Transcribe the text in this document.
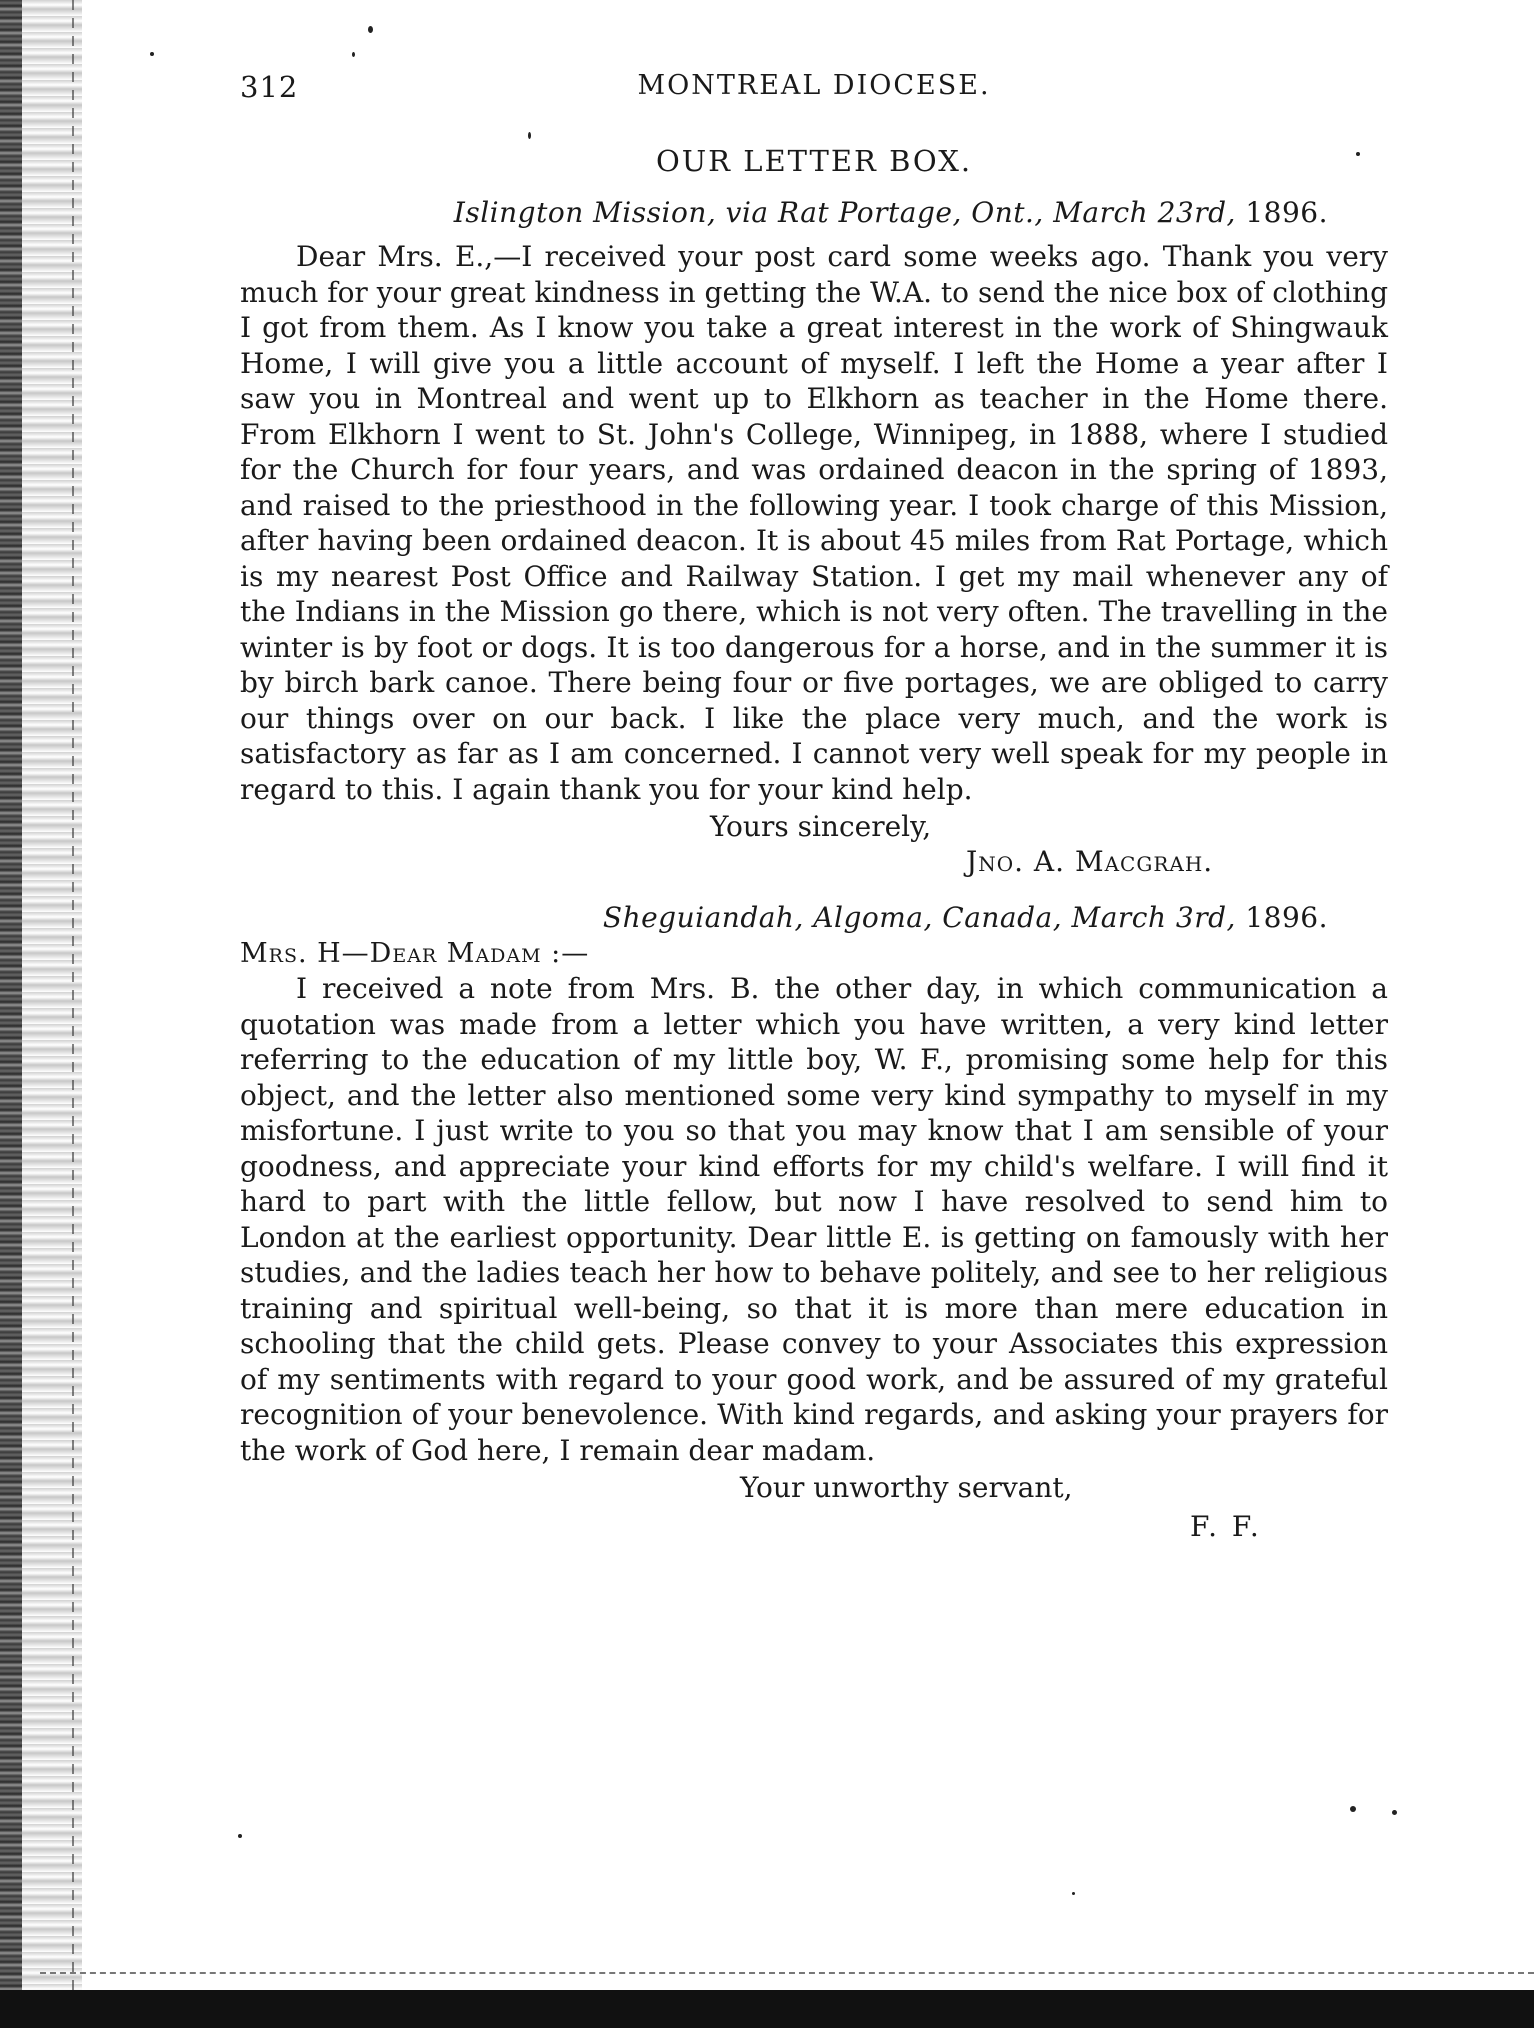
312	MONTREAL DIOCESE.
OUR LETTER BOX.
Islington Mission, via Rat Portage, Ont., March 23rd, 1896.

Dear Mrs. E.,—I received your post card some weeks ago. Thank you very much for your great kindness in getting the W.A. to send the nice box of clothing I got from them. As I know you take a great interest in the work of Shingwauk Home, I will give you a little account of myself. I left the Home a year after I saw you in Montreal and went up to Elkhorn as teacher in the Home there. From Elkhorn I went to St. John's College, Winnipeg, in 1888, where I studied for the Church for four years, and was ordained deacon in the spring of 1893, and raised to the priesthood in the following year. I took charge of this Mission, after having been ordained deacon. It is about 45 miles from Rat Portage, which is my nearest Post Office and Railway Station. I get my mail whenever any of the Indians in the Mission go there, which is not very often. The travelling in the winter is by foot or dogs. It is too dangerous for a horse, and in the summer it is by birch bark canoe. There being four or five portages, we are obliged to carry our things over on our back. I like the place very much, and the work is satisfactory as far as I am concerned. I cannot very well speak for my people in regard to this. I again thank you for your kind help.

Yours sincerely,
Jno. A. Macgrah.
Sheguiandah, Algoma, Canada, March 3rd, 1896.
Mrs. H—Dear Madam :—

I received a note from Mrs. B. the other day, in which communication a quotation was made from a letter which you have written, a very kind letter referring to the education of my little boy, W. F., promising some help for this object, and the letter also mentioned some very kind sympathy to myself in my misfortune. I just write to you so that you may know that I am sensible of your goodness, and appreciate your kind efforts for my child's welfare. I will find it hard to part with the little fellow, but now I have resolved to send him to London at the earliest opportunity. Dear little E. is getting on famously with her studies, and the ladies teach her how to behave politely, and see to her religious training and spiritual well-being, so that it is more than mere education in schooling that the child gets. Please convey to your Associates this expression of my sentiments with regard to your good work, and be assured of my grateful recognition of your benevolence. With kind regards, and asking your prayers for the work of God here, I remain dear madam.

Your unworthy servant,
F. F.
